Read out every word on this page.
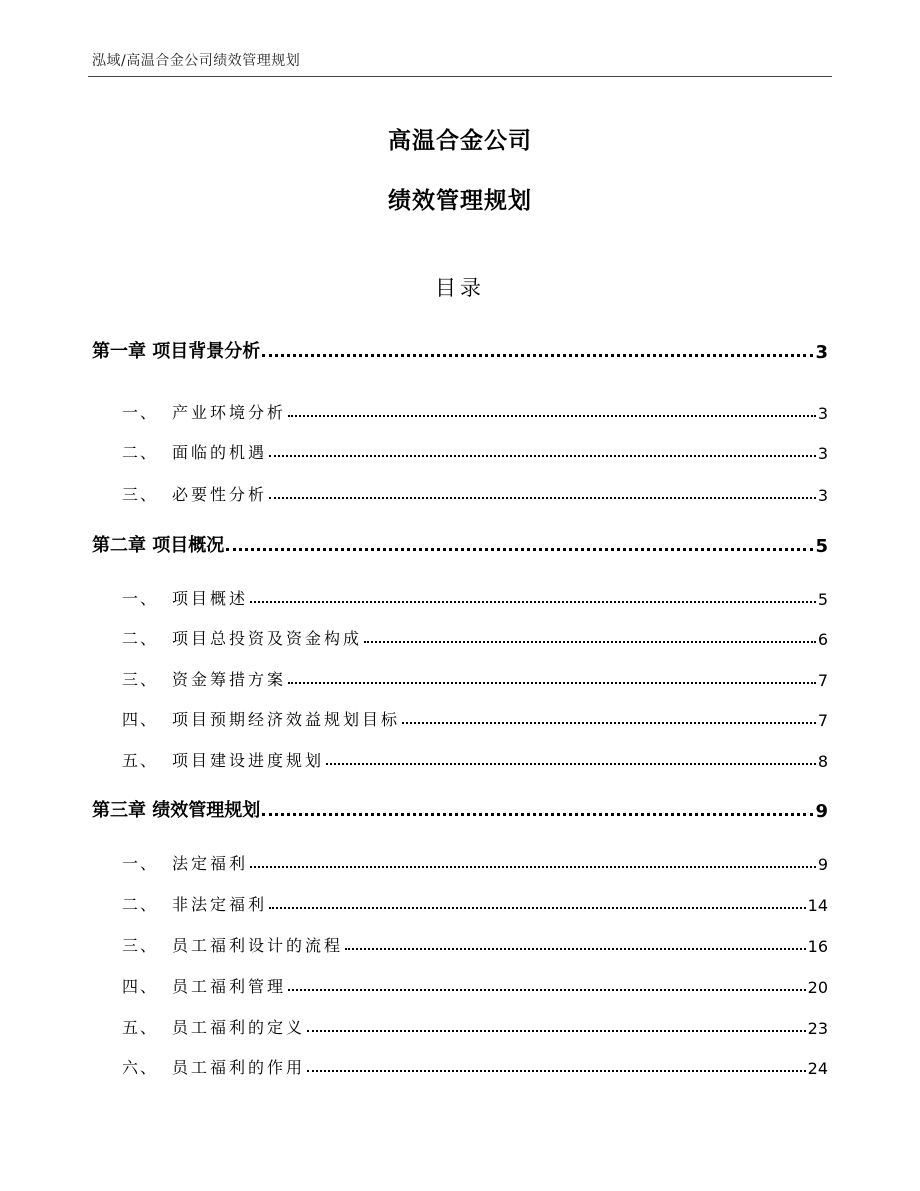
泓域/高温合金公司绩效管理规划
高温合金公司
绩效管理规划
目录
第一章 项目背景分析	3
一、 产业环境分析	3
二、 面临的机遇	3
三、 必要性分析	3
第二章 项目概况	5
一、 项目概述	5
二、 项目总投资及资金构成	6
三、 资金筹措方案	7
四、 项目预期经济效益规划目标	7
五、 项目建设进度规划	8
第三章 绩效管理规划	9
一、 法定福利	9
二、 非法定福利	14
三、 员工福利设计的流程	16
四、 员工福利管理	20
五、 员工福利的定义	23
六、 员工福利的作用	24
